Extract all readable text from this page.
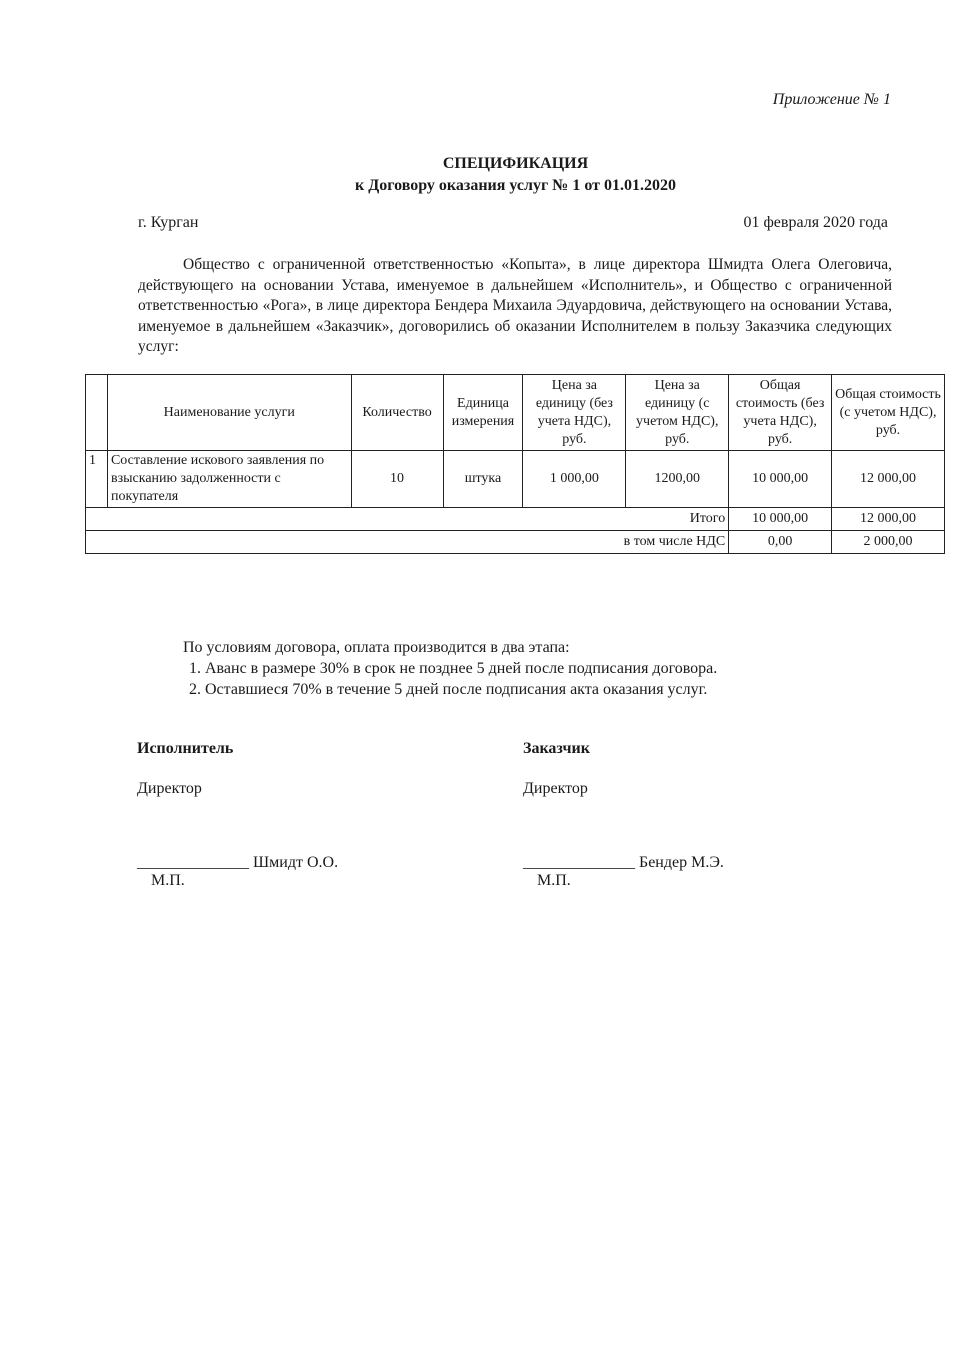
Приложение № 1
СПЕЦИФИКАЦИЯ
к Договору оказания услуг № 1 от 01.01.2020
г. Курган	01 февраля 2020 года
Общество с ограниченной ответственностью «Копыта», в лице директора Шмидта Олега Олеговича, действующего на основании Устава, именуемое в дальнейшем «Исполнитель», и Общество с ограниченной ответственностью «Рога», в лице директора Бендера Михаила Эдуардовича, действующего на основании Устава, именуемое в дальнейшем «Заказчик», договорились об оказании Исполнителем в пользу Заказчика следующих услуг:
	Наименование услуги	Количество	Единица измерения	Цена за единицу (без учета НДС), руб.	Цена за единицу (с учетом НДС), руб.	Общая стоимость (без учета НДС), руб.	Общая стоимость (с учетом НДС), руб.
1	Составление искового заявления по взысканию задолженности с покупателя	10	штука	1 000,00	1200,00	10 000,00	12 000,00
Итого						10 000,00	12 000,00
в том числе НДС						0,00	2 000,00
По условиям договора, оплата производится в два этапа:
1. Аванс в размере 30% в срок не позднее 5 дней после подписания договора.
2. Оставшиеся 70% в течение 5 дней после подписания акта оказания услуг.
Исполнитель
Директор
______________ Шмидт О.О.
М.П.
Заказчик
Директор
______________ Бендер М.Э.
М.П.
